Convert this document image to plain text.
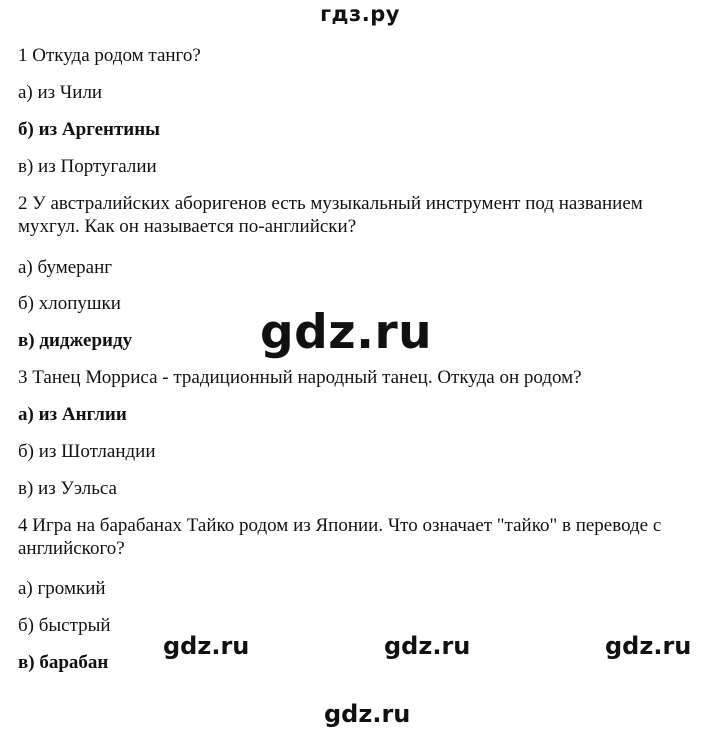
гдз.ру
1 Откуда родом танго?
а) из Чили
б) из Аргентины
в) из Португалии
2 У австралийских аборигенов есть музыкальный инструмент под названием мухгул. Как он называется по-английски?
а) бумеранг
б) хлопушки
в) диджериду
3 Танец Морриса - традиционный народный танец. Откуда он родом?
а) из Англии
б) из Шотландии
в) из Уэльса
4 Игра на барабанах Тайко родом из Японии. Что означает "тайко" в переводе с английского?
а) громкий
б) быстрый
в) барабан
gdz.ru
gdz.ru	gdz.ru	gdz.ru
gdz.ru
